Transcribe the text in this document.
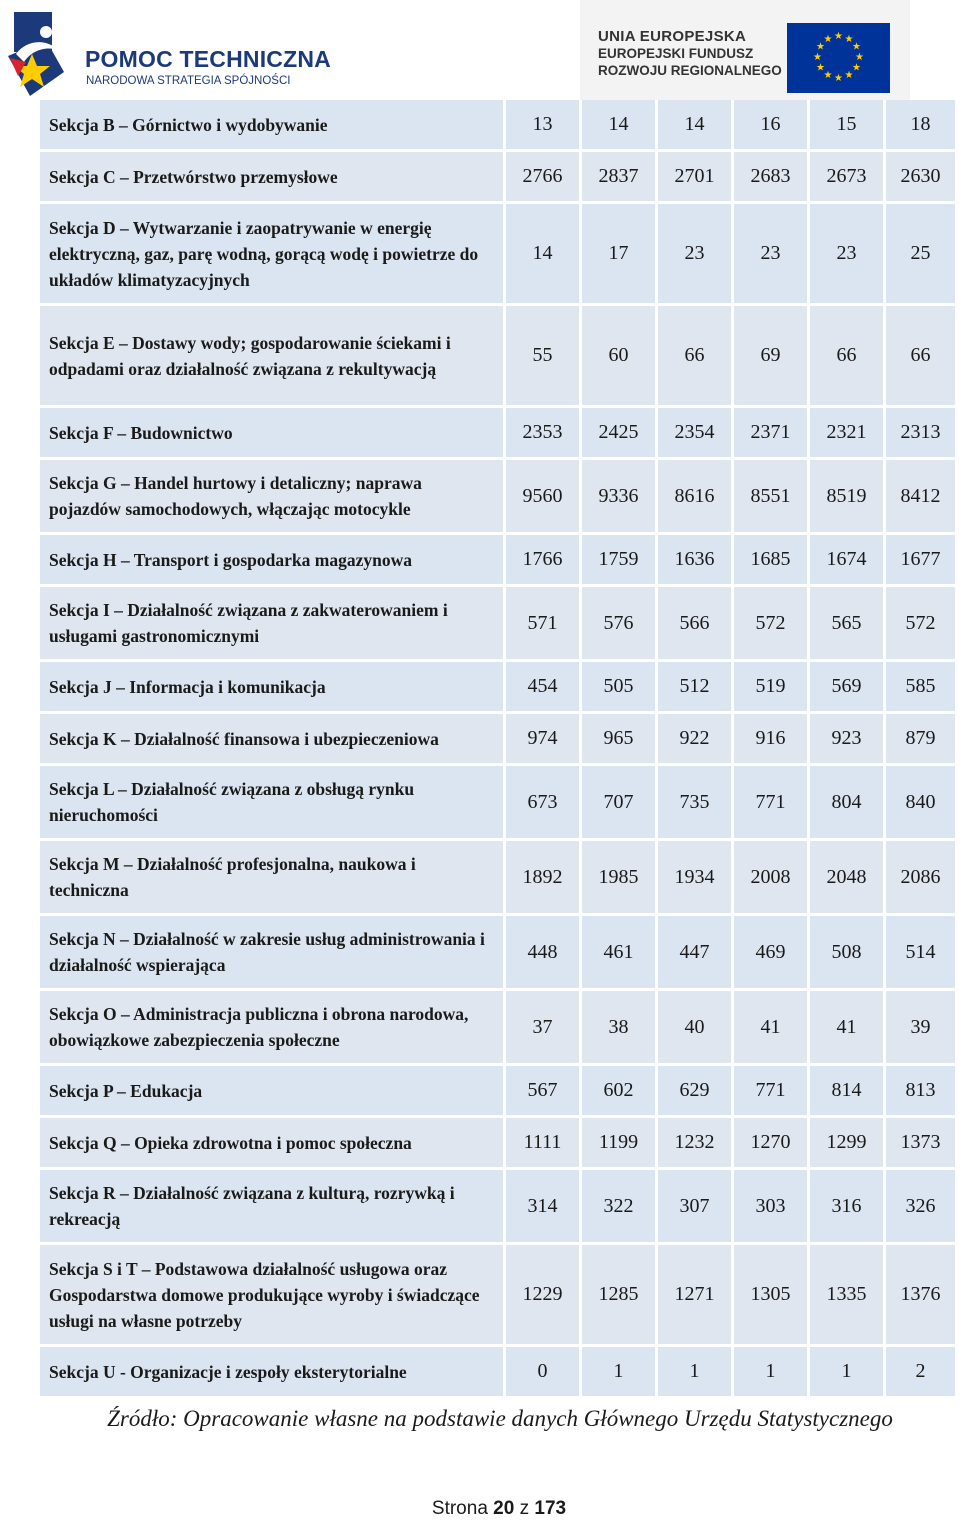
POMOC TECHNICZNA
NARODOWA STRATEGIA SPÓJNOŚCI
UNIA EUROPEJSKA
EUROPEJSKI FUNDUSZ
ROZWOJU REGIONALNEGO
★ ★
★
★
★
★
★
★
★
★
★
★
Sekcja B – Górnictwo i wydobywanie	13	14	14	16	15	18
Sekcja C – Przetwórstwo przemysłowe	2766	2837	2701	2683	2673	2630
Sekcja D – Wytwarzanie i zaopatrywanie w energię elektryczną, gaz, parę wodną, gorącą wodę i powietrze do układów klimatyzacyjnych	14	17	23	23	23	25
Sekcja E – Dostawy wody; gospodarowanie ściekami i odpadami oraz działalność związana z rekultywacją	55	60	66	69	66	66
Sekcja F – Budownictwo	2353	2425	2354	2371	2321	2313
Sekcja G – Handel hurtowy i detaliczny; naprawa pojazdów samochodowych, włączając motocykle	9560	9336	8616	8551	8519	8412
Sekcja H – Transport i gospodarka magazynowa	1766	1759	1636	1685	1674	1677
Sekcja I – Działalność związana z zakwaterowaniem i usługami gastronomicznymi	571	576	566	572	565	572
Sekcja J – Informacja i komunikacja	454	505	512	519	569	585
Sekcja K – Działalność finansowa i ubezpieczeniowa	974	965	922	916	923	879
Sekcja L – Działalność związana z obsługą rynku nieruchomości	673	707	735	771	804	840
Sekcja M – Działalność profesjonalna, naukowa i techniczna	1892	1985	1934	2008	2048	2086
Sekcja N – Działalność w zakresie usług administrowania i działalność wspierająca	448	461	447	469	508	514
Sekcja O – Administracja publiczna i obrona narodowa, obowiązkowe zabezpieczenia społeczne	37	38	40	41	41	39
Sekcja P – Edukacja	567	602	629	771	814	813
Sekcja Q – Opieka zdrowotna i pomoc społeczna	1111	1199	1232	1270	1299	1373
Sekcja R – Działalność związana z kulturą, rozrywką i rekreacją	314	322	307	303	316	326
Sekcja S i T – Podstawowa działalność usługowa oraz Gospodarstwa domowe produkujące wyroby i świadczące usługi na własne potrzeby	1229	1285	1271	1305	1335	1376
Sekcja U - Organizacje i zespoły eksterytorialne	0	1	1	1	1	2
Źródło: Opracowanie własne na podstawie danych Głównego Urzędu Statystycznego
Strona 20 z 173
